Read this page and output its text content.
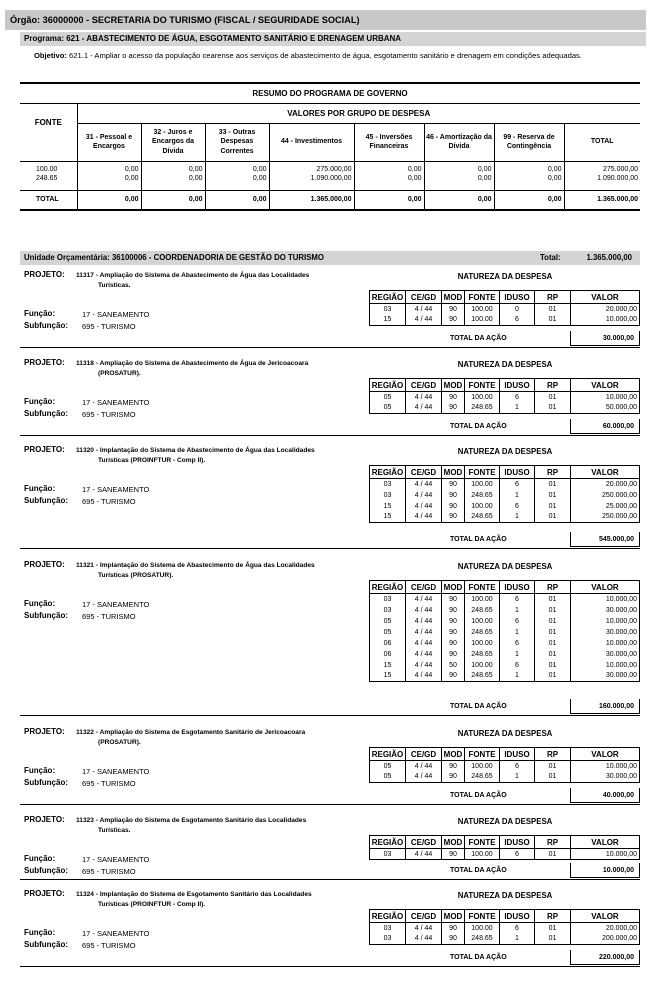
Órgão: 36000000 - SECRETARIA DO TURISMO (FISCAL / SEGURIDADE SOCIAL)
Programa: 621 - ABASTECIMENTO DE ÁGUA, ESGOTAMENTO SANITÁRIO E DRENAGEM URBANA
Objetivo: 621.1 - Ampliar o acesso da população cearense aos serviços de abastecimento de água, esgotamento sanitário e drenagem em condições adequadas.
RESUMO DO PROGRAMA DE GOVERNO								
FONTE	VALORES POR GRUPO DE DESPESA							
	31 - Pessoal e Encargos	32 - Juros e Encargos da Dívida	33 - Outras Despesas Correntes	44 - Investimentos	45 - Inversões Financeiras	46 - Amortização da Dívida	99 - Reserva de Contingência	TOTAL
100.00	0,00	0,00	0,00	275.000,00	0,00	0,00	0,00	275.000,00
248.65	0,00	0,00	0,00	1.090.000,00	0,00	0,00	0,00	1.090.000,00
TOTAL	0,00	0,00	0,00	1.365.000,00	0,00	0,00	0,00	1.365.000,00
Unidade Orçamentária: 36100006 - COORDENADORIA DE GESTÃO DO TURISMO	Total:	1.365.000,00
PROJETO: 11317 - Ampliação do Sistema de Abastecimento de Água das Localidades
Turísticas.
NATUREZA DA DESPESA
Função:	17 - SANEAMENTO
Subfunção: 695 - TURISMO
REGIÃO	CE/GD	MOD	FONTE	IDUSO	RP	VALOR
03	4 / 44	90	100.00	0	01	20.000,00
15	4 / 44	90	100.00	6	01	10.000,00
TOTAL DA AÇÃO	30.000,00
PROJETO: 11318 - Ampliação do Sistema de Abastecimento de Água de Jericoacoara
(PROSATUR).
NATUREZA DA DESPESA
Função:	17 - SANEAMENTO
Subfunção: 695 - TURISMO
REGIÃO	CE/GD	MOD	FONTE	IDUSO	RP	VALOR
05	4 / 44	90	100.00	6	01	10.000,00
05	4 / 44	90	248.65	1	01	50.000,00
TOTAL DA AÇÃO	60.000,00
PROJETO: 11320 - Implantação do Sistema de Abastecimento de Água das Localidades
Turísticas (PROINFTUR - Comp II).
NATUREZA DA DESPESA
Função:	17 - SANEAMENTO
Subfunção: 695 - TURISMO
REGIÃO	CE/GD	MOD	FONTE	IDUSO	RP	VALOR
03	4 / 44	90	100.00	6	01	20.000,00
03	4 / 44	90	248.65	1	01	250.000,00
15	4 / 44	90	100.00	6	01	25.000,00
15	4 / 44	90	248.65	1	01	250.000,00
TOTAL DA AÇÃO	545.000,00
PROJETO: 11321 - Implantação do Sistema de Abastecimento de Água das Localidades
Turísticas (PROSATUR).
NATUREZA DA DESPESA
Função:	17 - SANEAMENTO
Subfunção: 695 - TURISMO
REGIÃO	CE/GD	MOD	FONTE	IDUSO	RP	VALOR
03	4 / 44	90	100.00	6	01	10.000,00
03	4 / 44	90	248.65	1	01	30.000,00
05	4 / 44	90	100.00	6	01	10.000,00
05	4 / 44	90	248.65	1	01	30.000,00
06	4 / 44	90	100.00	6	01	10.000,00
06	4 / 44	90	248.65	1	01	30.000,00
15	4 / 44	50	100.00	6	01	10.000,00
15	4 / 44	90	248.65	1	01	30.000,00
TOTAL DA AÇÃO	160.000,00
PROJETO: 11322 - Ampliação do Sistema de Esgotamento Sanitário de Jericoacoara
(PROSATUR).
NATUREZA DA DESPESA
Função:	17 - SANEAMENTO
Subfunção: 695 - TURISMO
REGIÃO	CE/GD	MOD	FONTE	IDUSO	RP	VALOR
05	4 / 44	90	100.00	6	01	10.000,00
05	4 / 44	90	248.65	1	01	30.000,00
TOTAL DA AÇÃO	40.000,00
PROJETO: 11323 - Ampliação do Sistema de Esgotamento Sanitário das Localidades
Turísticas.
NATUREZA DA DESPESA
Função:	17 - SANEAMENTO
Subfunção: 695 - TURISMO
REGIÃO	CE/GD	MOD	FONTE	IDUSO	RP	VALOR
03	4 / 44	90	100.00	6	01	10.000,00
TOTAL DA AÇÃO	10.000,00
PROJETO: 11324 - Implantação do Sistema de Esgotamento Sanitário das Localidades
Turísticas (PROINFTUR - Comp II).
NATUREZA DA DESPESA
Função:	17 - SANEAMENTO
Subfunção: 695 - TURISMO
REGIÃO	CE/GD	MOD	FONTE	IDUSO	RP	VALOR
03	4 / 44	90	100.00	6	01	20.000,00
03	4 / 44	90	248.65	1	01	200.000,00
TOTAL DA AÇÃO	220.000,00
